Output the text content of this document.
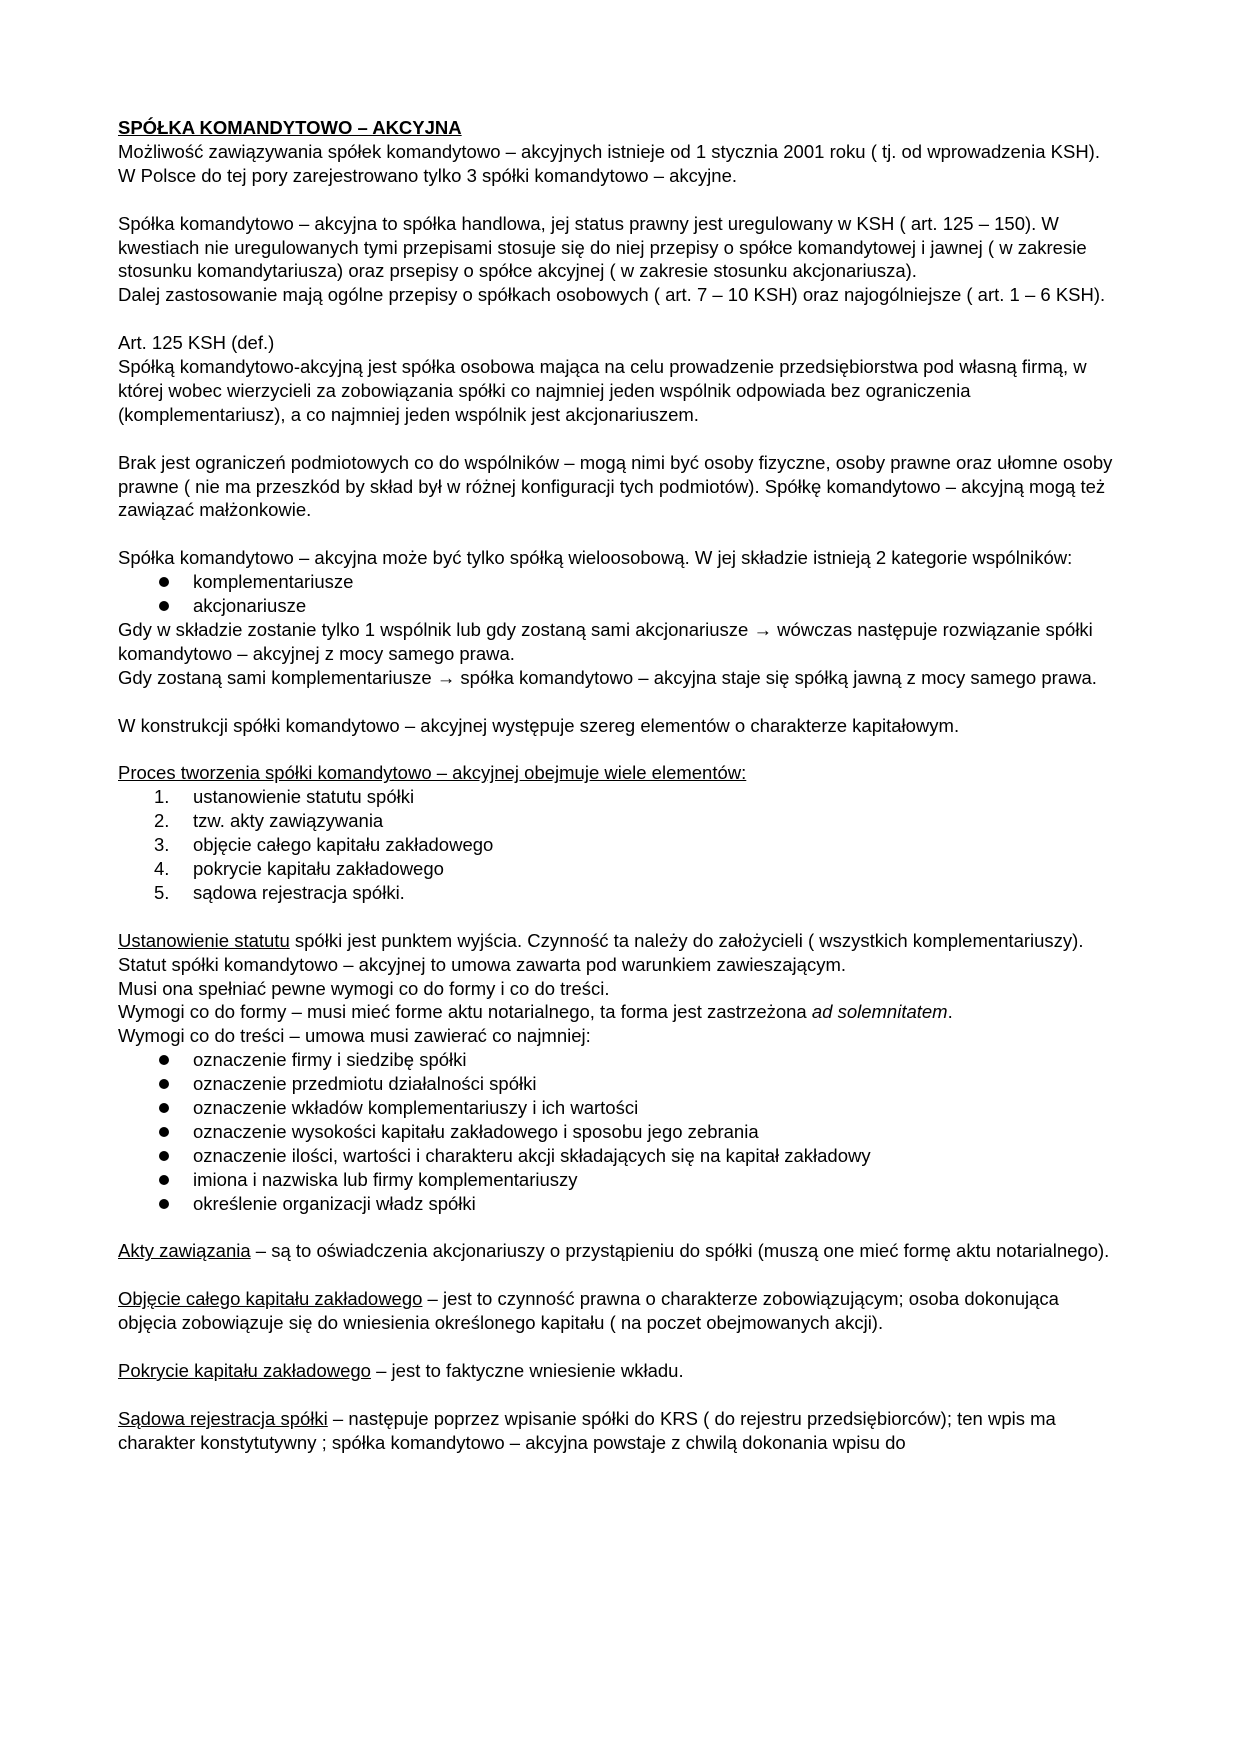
SPÓŁKA KOMANDYTOWO – AKCYJNA

Możliwość zawiązywania spółek komandytowo – akcyjnych istnieje od 1 stycznia 2001 roku ( tj. od wprowadzenia KSH).

W Polsce do tej pory zarejestrowano tylko 3 spółki komandytowo – akcyjne.

Spółka komandytowo – akcyjna to spółka handlowa, jej status prawny jest uregulowany w KSH ( art. 125 – 150). W kwestiach nie uregulowanych tymi przepisami stosuje się do niej przepisy o spółce komandytowej i jawnej ( w zakresie stosunku komandytariusza) oraz prsepisy o spółce akcyjnej ( w zakresie stosunku akcjonariusza).

Dalej zastosowanie mają ogólne przepisy o spółkach osobowych ( art. 7 – 10 KSH) oraz najogólniejsze ( art. 1 – 6 KSH).

Art. 125 KSH (def.)

Spółką komandytowo-akcyjną jest spółka osobowa mająca na celu prowadzenie przedsiębiorstwa pod własną firmą, w której wobec wierzycieli za zobowiązania spółki co najmniej jeden wspólnik odpowiada bez ograniczenia (komplementariusz), a co najmniej jeden wspólnik jest akcjonariuszem.

Brak jest ograniczeń podmiotowych co do wspólników – mogą nimi być osoby fizyczne, osoby prawne oraz ułomne osoby prawne ( nie ma przeszkód by skład był w różnej konfiguracji tych podmiotów). Spółkę komandytowo – akcyjną mogą też zawiązać małżonkowie.

Spółka komandytowo – akcyjna może być tylko spółką wieloosobową. W jej składzie istnieją 2 kategorie wspólników:

komplementariusze
akcjonariusze

Gdy w składzie zostanie tylko 1 wspólnik lub gdy zostaną sami akcjonariusze → wówczas następuje rozwiązanie spółki komandytowo – akcyjnej z mocy samego prawa.

Gdy zostaną sami komplementariusze → spółka komandytowo – akcyjna staje się spółką jawną z mocy samego prawa.

W konstrukcji spółki komandytowo – akcyjnej występuje szereg elementów o charakterze kapitałowym.

Proces tworzenia spółki komandytowo – akcyjnej obejmuje wiele elementów:

1. ustanowienie statutu spółki
2. tzw. akty zawiązywania
3. objęcie całego kapitału zakładowego
4. pokrycie kapitału zakładowego
5. sądowa rejestracja spółki.

Ustanowienie statutu spółki jest punktem wyjścia. Czynność ta należy do założycieli ( wszystkich komplementariuszy).

Statut spółki komandytowo – akcyjnej to umowa zawarta pod warunkiem zawieszającym.

Musi ona spełniać pewne wymogi co do formy i co do treści.

Wymogi co do formy – musi mieć forme aktu notarialnego, ta forma jest zastrzeżona ad solemnitatem.

Wymogi co do treści – umowa musi zawierać co najmniej:

oznaczenie firmy i siedzibę spółki
oznaczenie przedmiotu działalności spółki
oznaczenie wkładów komplementariuszy i ich wartości
oznaczenie wysokości kapitału zakładowego i sposobu jego zebrania
oznaczenie ilości, wartości i charakteru akcji składających się na kapitał zakładowy
imiona i nazwiska lub firmy komplementariuszy
określenie organizacji władz spółki

Akty zawiązania – są to oświadczenia akcjonariuszy o przystąpieniu do spółki (muszą one mieć formę aktu notarialnego).

Objęcie całego kapitału zakładowego – jest to czynność prawna o charakterze zobowiązującym; osoba dokonująca objęcia zobowiązuje się do wniesienia określonego kapitału ( na poczet obejmowanych akcji).

Pokrycie kapitału zakładowego – jest to faktyczne wniesienie wkładu.

Sądowa rejestracja spółki – następuje poprzez wpisanie spółki do KRS ( do rejestru przedsiębiorców); ten wpis ma charakter konstytutywny ; spółka komandytowo – akcyjna powstaje z chwilą dokonania wpisu do
